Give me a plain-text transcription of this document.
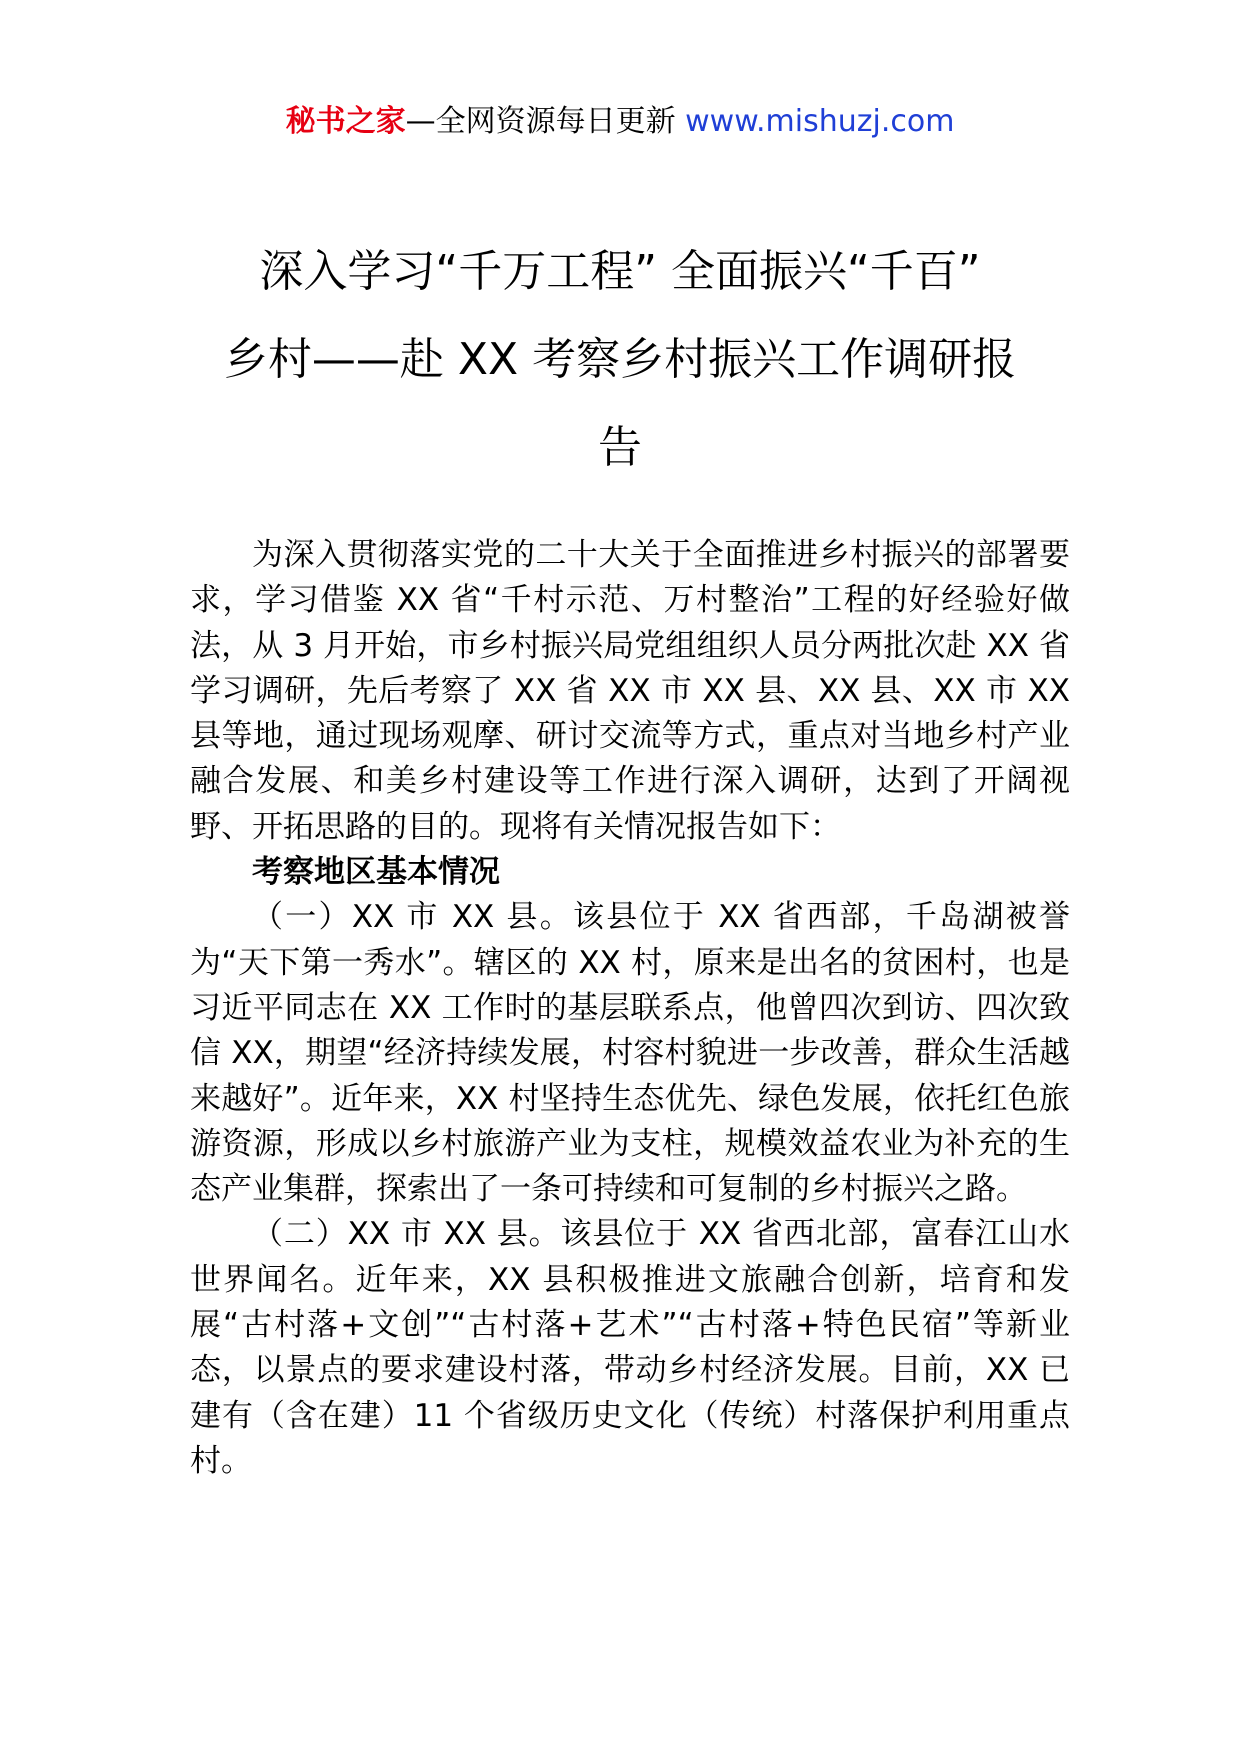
秘书之家—全网资源每日更新 www.mishuzj.com
深入学习“千万工程” 全面振兴“千百”
乡村——赴 XX 考察乡村振兴工作调研报
告

为深入贯彻落实党的二十大关于全面推进乡村振兴的部署要求，学习借鉴 XX 省“千村示范、万村整治”工程的好经验好做法，从 3 月开始，市乡村振兴局党组组织人员分两批次赴 XX 省学习调研，先后考察了 XX 省 XX 市 XX 县、XX 县、XX 市 XX 县等地，通过现场观摩、研讨交流等方式，重点对当地乡村产业融合发展、和美乡村建设等工作进行深入调研，达到了开阔视野、开拓思路的目的。现将有关情况报告如下：

考察地区基本情况

（一）XX 市 XX 县。该县位于 XX 省西部，千岛湖被誉为“天下第一秀水”。辖区的 XX 村，原来是出名的贫困村，也是习近平同志在 XX 工作时的基层联系点，他曾四次到访、四次致信 XX，期望“经济持续发展，村容村貌进一步改善，群众生活越来越好”。近年来，XX 村坚持生态优先、绿色发展，依托红色旅游资源，形成以乡村旅游产业为支柱，规模效益农业为补充的生态产业集群，探索出了一条可持续和可复制的乡村振兴之路。

（二）XX 市 XX 县。该县位于 XX 省西北部，富春江山水世界闻名。近年来，XX 县积极推进文旅融合创新，培育和发展“古村落+文创”“古村落+艺术”“古村落+特色民宿”等新业态，以景点的要求建设村落，带动乡村经济发展。目前，XX 已建有（含在建）11 个省级历史文化（传统）村落保护利用重点村。
